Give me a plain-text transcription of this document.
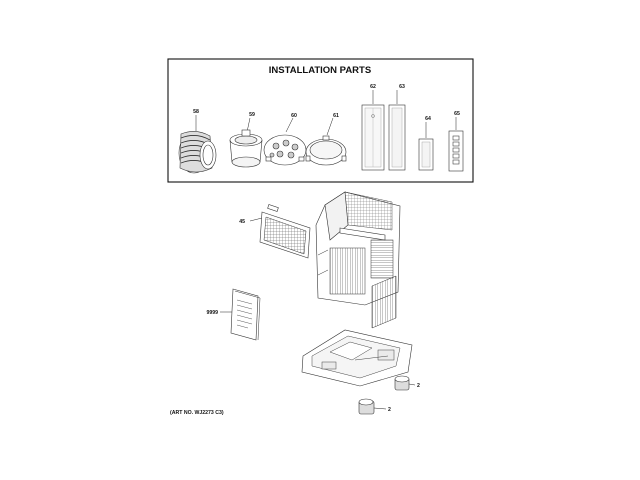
INSTALLATION PARTS
58	59	60	61
62	63
64
65
45
9999
2
2
(ART NO. WJ2273 C3)
